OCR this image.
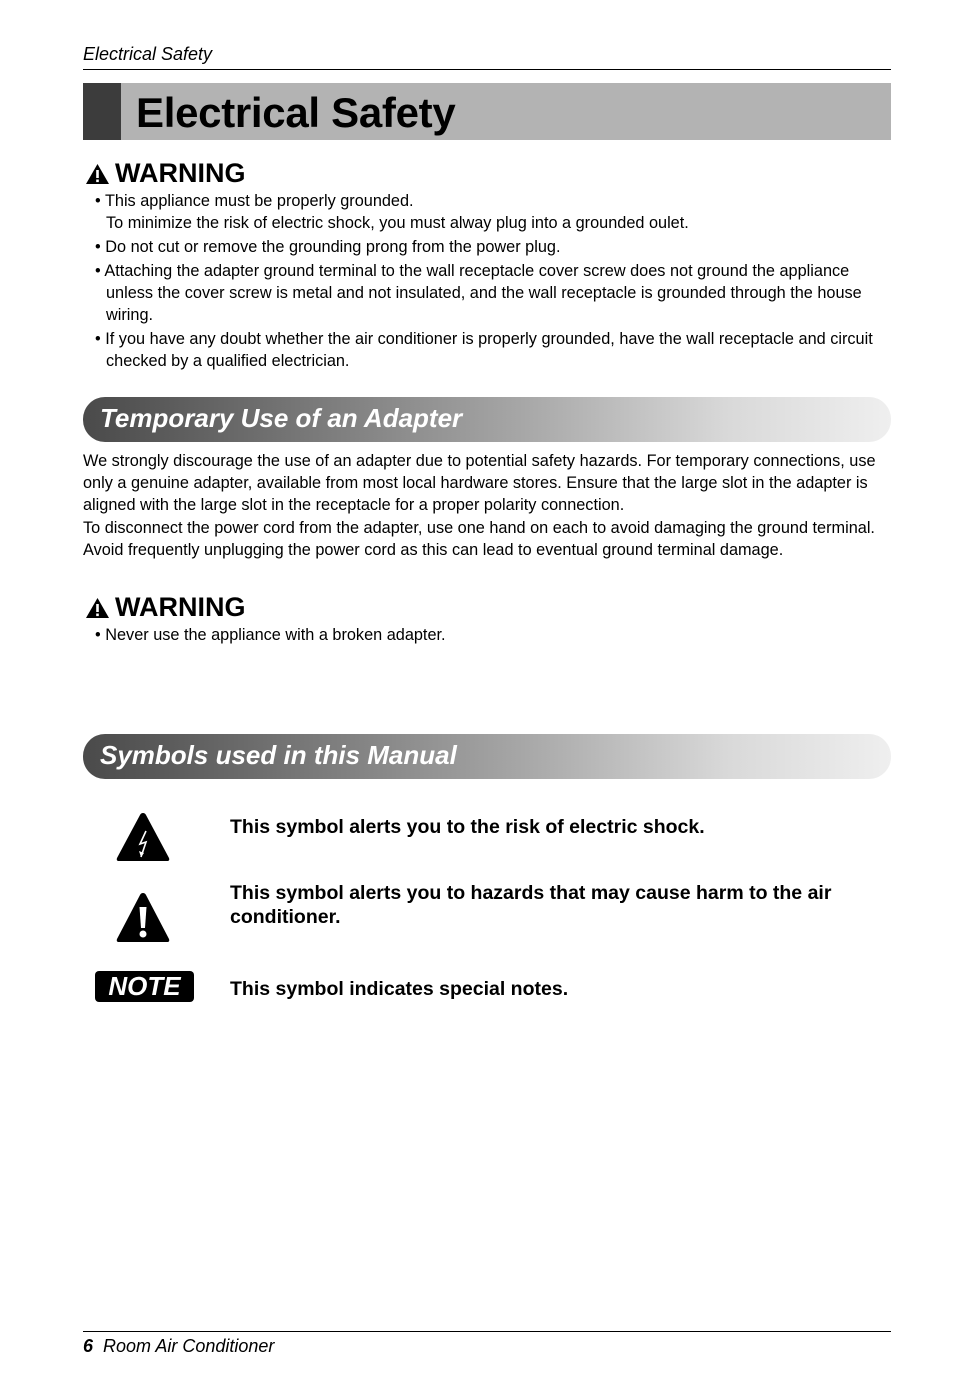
Electrical Safety
Electrical Safety
WARNING
• This appliance must be properly grounded.
To minimize the risk of electric shock, you must alway plug into a grounded oulet.
• Do not cut or remove the grounding prong from the power plug.
• Attaching the adapter ground terminal to the wall receptacle cover screw does not ground the appliance unless the cover screw is metal and not insulated, and the wall receptacle is grounded through the house wiring.
• If you have any doubt whether the air conditioner is properly grounded, have the wall receptacle and circuit checked by a qualified electrician.
Temporary Use of an Adapter

We strongly discourage the use of an adapter due to potential safety hazards. For temporary connections, use only a genuine adapter, available from most local hardware stores. Ensure that the large slot in the adapter is aligned with the large slot in the receptacle for a proper polarity connection.

To disconnect the power cord from the adapter, use one hand on each to avoid damaging the ground terminal. Avoid frequently unplugging the power cord as this can lead to eventual ground terminal damage.

WARNING
• Never use the appliance with a broken adapter.
Symbols used in this Manual
NOTE
This symbol alerts you to the risk of electric shock.
This symbol alerts you to hazards that may cause harm to the air conditioner.
This symbol indicates special notes.
6 Room Air Conditioner
